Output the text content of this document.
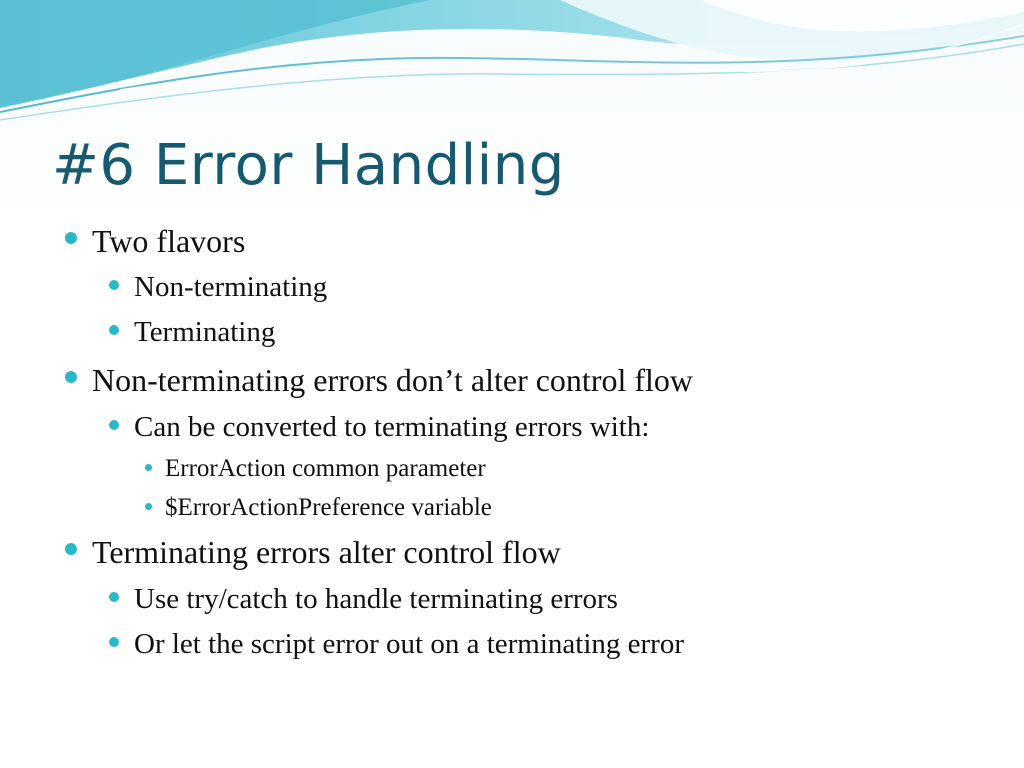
#6 Error Handling
Two flavors
Non-terminating
Terminating
Non-terminating errors don’t alter control flow
Can be converted to terminating errors with:
ErrorAction common parameter
$ErrorActionPreference variable
Terminating errors alter control flow
Use try/catch to handle terminating errors
Or let the script error out on a terminating error
